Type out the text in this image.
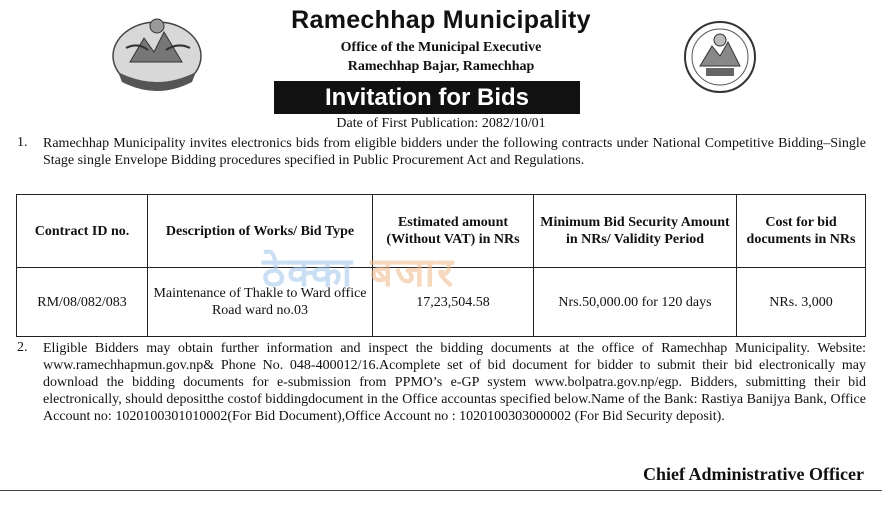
Ramechhap Municipality
Office of the Municipal Executive
Ramechhap Bajar, Ramechhap
Invitation for Bids
Date of First Publication: 2082/10/01
1. Ramechhap Municipality invites electronics bids from eligible bidders under the following contracts under National Competitive Bidding–Single Stage single Envelope Bidding procedures specified in Public Procurement Act and Regulations.
Contract ID no.	Description of Works/ Bid Type	Estimated amount (Without VAT) in NRs	Minimum Bid Security Amount in NRs/ Validity Period	Cost for bid documents in NRs
RM/08/082/083	Maintenance of Thakle to Ward office Road ward no.03	17,23,504.58	Nrs.50,000.00 for 120 days	NRs. 3,000
ठेक्का बजार
2. Eligible Bidders may obtain further information and inspect the bidding documents at the office of Ramechhap Municipality. Website: www.ramechhapmun.gov.np& Phone No. 048-400012/16.Acomplete set of bid document for bidder to submit their bid electronically may download the bidding documents for e-submission from PPMO’s e-GP system www.bolpatra.gov.np/egp. Bidders, submitting their bid electronically, should depositthe costof biddingdocument in the Office accountas specified below.Name of the Bank: Rastiya Banijya Bank, Office Account no: 1020100301010002(For Bid Document),Office Account no : 1020100303000002 (For Bid Security deposit).
Chief Administrative Officer
